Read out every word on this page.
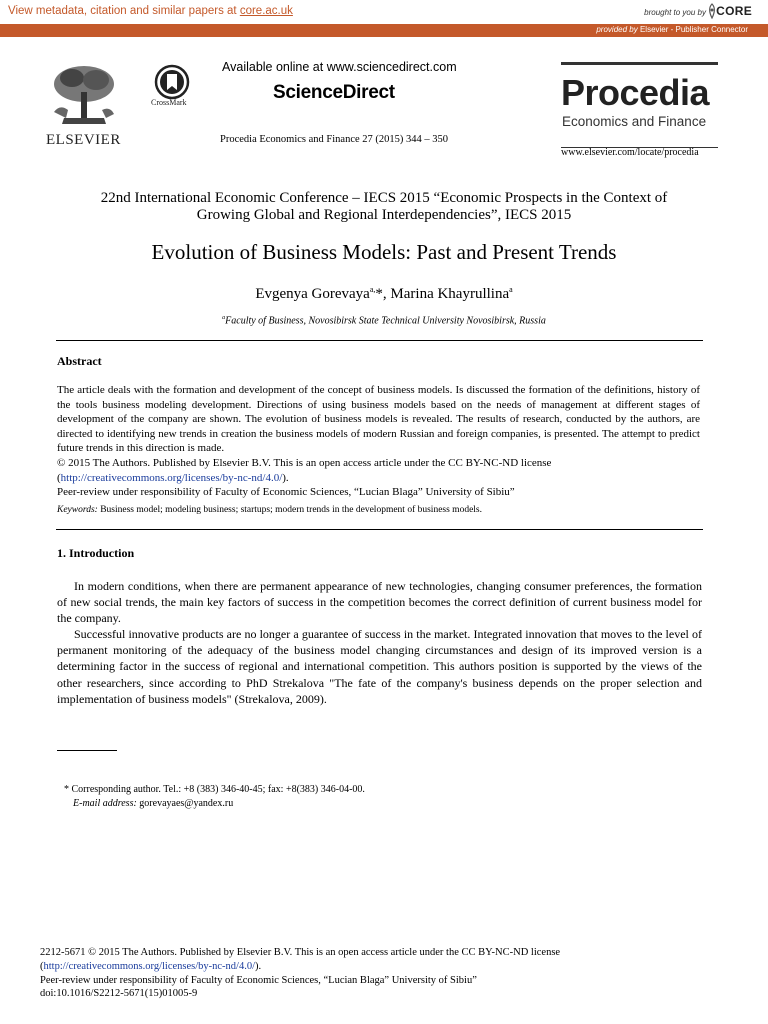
View metadata, citation and similar papers at core.ac.uk	brought to you by CORE
provided by Elsevier - Publisher Connector
ELSEVIER
CrossMark
Available online at www.sciencedirect.com
ScienceDirect
Procedia Economics and Finance 27 (2015) 344 – 350
Procedia
Economics and Finance
www.elsevier.com/locate/procedia
22nd International Economic Conference – IECS 2015 “Economic Prospects in the Context of
Growing Global and Regional Interdependencies”, IECS 2015
Evolution of Business Models: Past and Present Trends
Evgenya Gorevaya$^{a,}$*, Marina Khayrullina$^a$
$^a$Faculty of Business, Novosibirsk State Technical University Novosibirsk, Russia
Abstract

The article deals with the formation and development of the concept of business models. Is discussed the formation of the definitions, history of the tools business modeling development. Directions of using business models based on the needs of management at different stages of development of the company are shown. The evolution of business models is revealed. The results of research, conducted by the authors, are directed to identifying new trends in creation the business models of modern Russian and foreign companies, is presented. The attempt to predict future trends in this direction is made.

© 2015 The Authors. Published by Elsevier B.V. This is an open access article under the CC BY-NC-ND license

(http://creativecommons.org/licenses/by-nc-nd/4.0/).

Peer-review under responsibility of Faculty of Economic Sciences, “Lucian Blaga” University of Sibiu”

Keywords: Business model; modeling business; startups; modern trends in the development of business models.

1. Introduction

In modern conditions, when there are permanent appearance of new technologies, changing consumer preferences, the formation of new social trends, the main key factors of success in the competition becomes the correct definition of current business model for the company.

Successful innovative products are no longer a guarantee of success in the market. Integrated innovation that moves to the level of permanent monitoring of the adequacy of the business model changing circumstances and design of its improved version is a determining factor in the success of regional and international competition. This authors position is supported by the views of the other researchers, since according to PhD Strekalova "The fate of the company's business depends on the proper selection and implementation of business models" (Strekalova, 2009).

* Corresponding author. Tel.: +8 (383) 346-40-45; fax: +8(383) 346-04-00.
E-mail address: gorevayaes@yandex.ru
2212-5671 © 2015 The Authors. Published by Elsevier B.V. This is an open access article under the CC BY-NC-ND license
(http://creativecommons.org/licenses/by-nc-nd/4.0/).
Peer-review under responsibility of Faculty of Economic Sciences, “Lucian Blaga” University of Sibiu”
doi:10.1016/S2212-5671(15)01005-9
